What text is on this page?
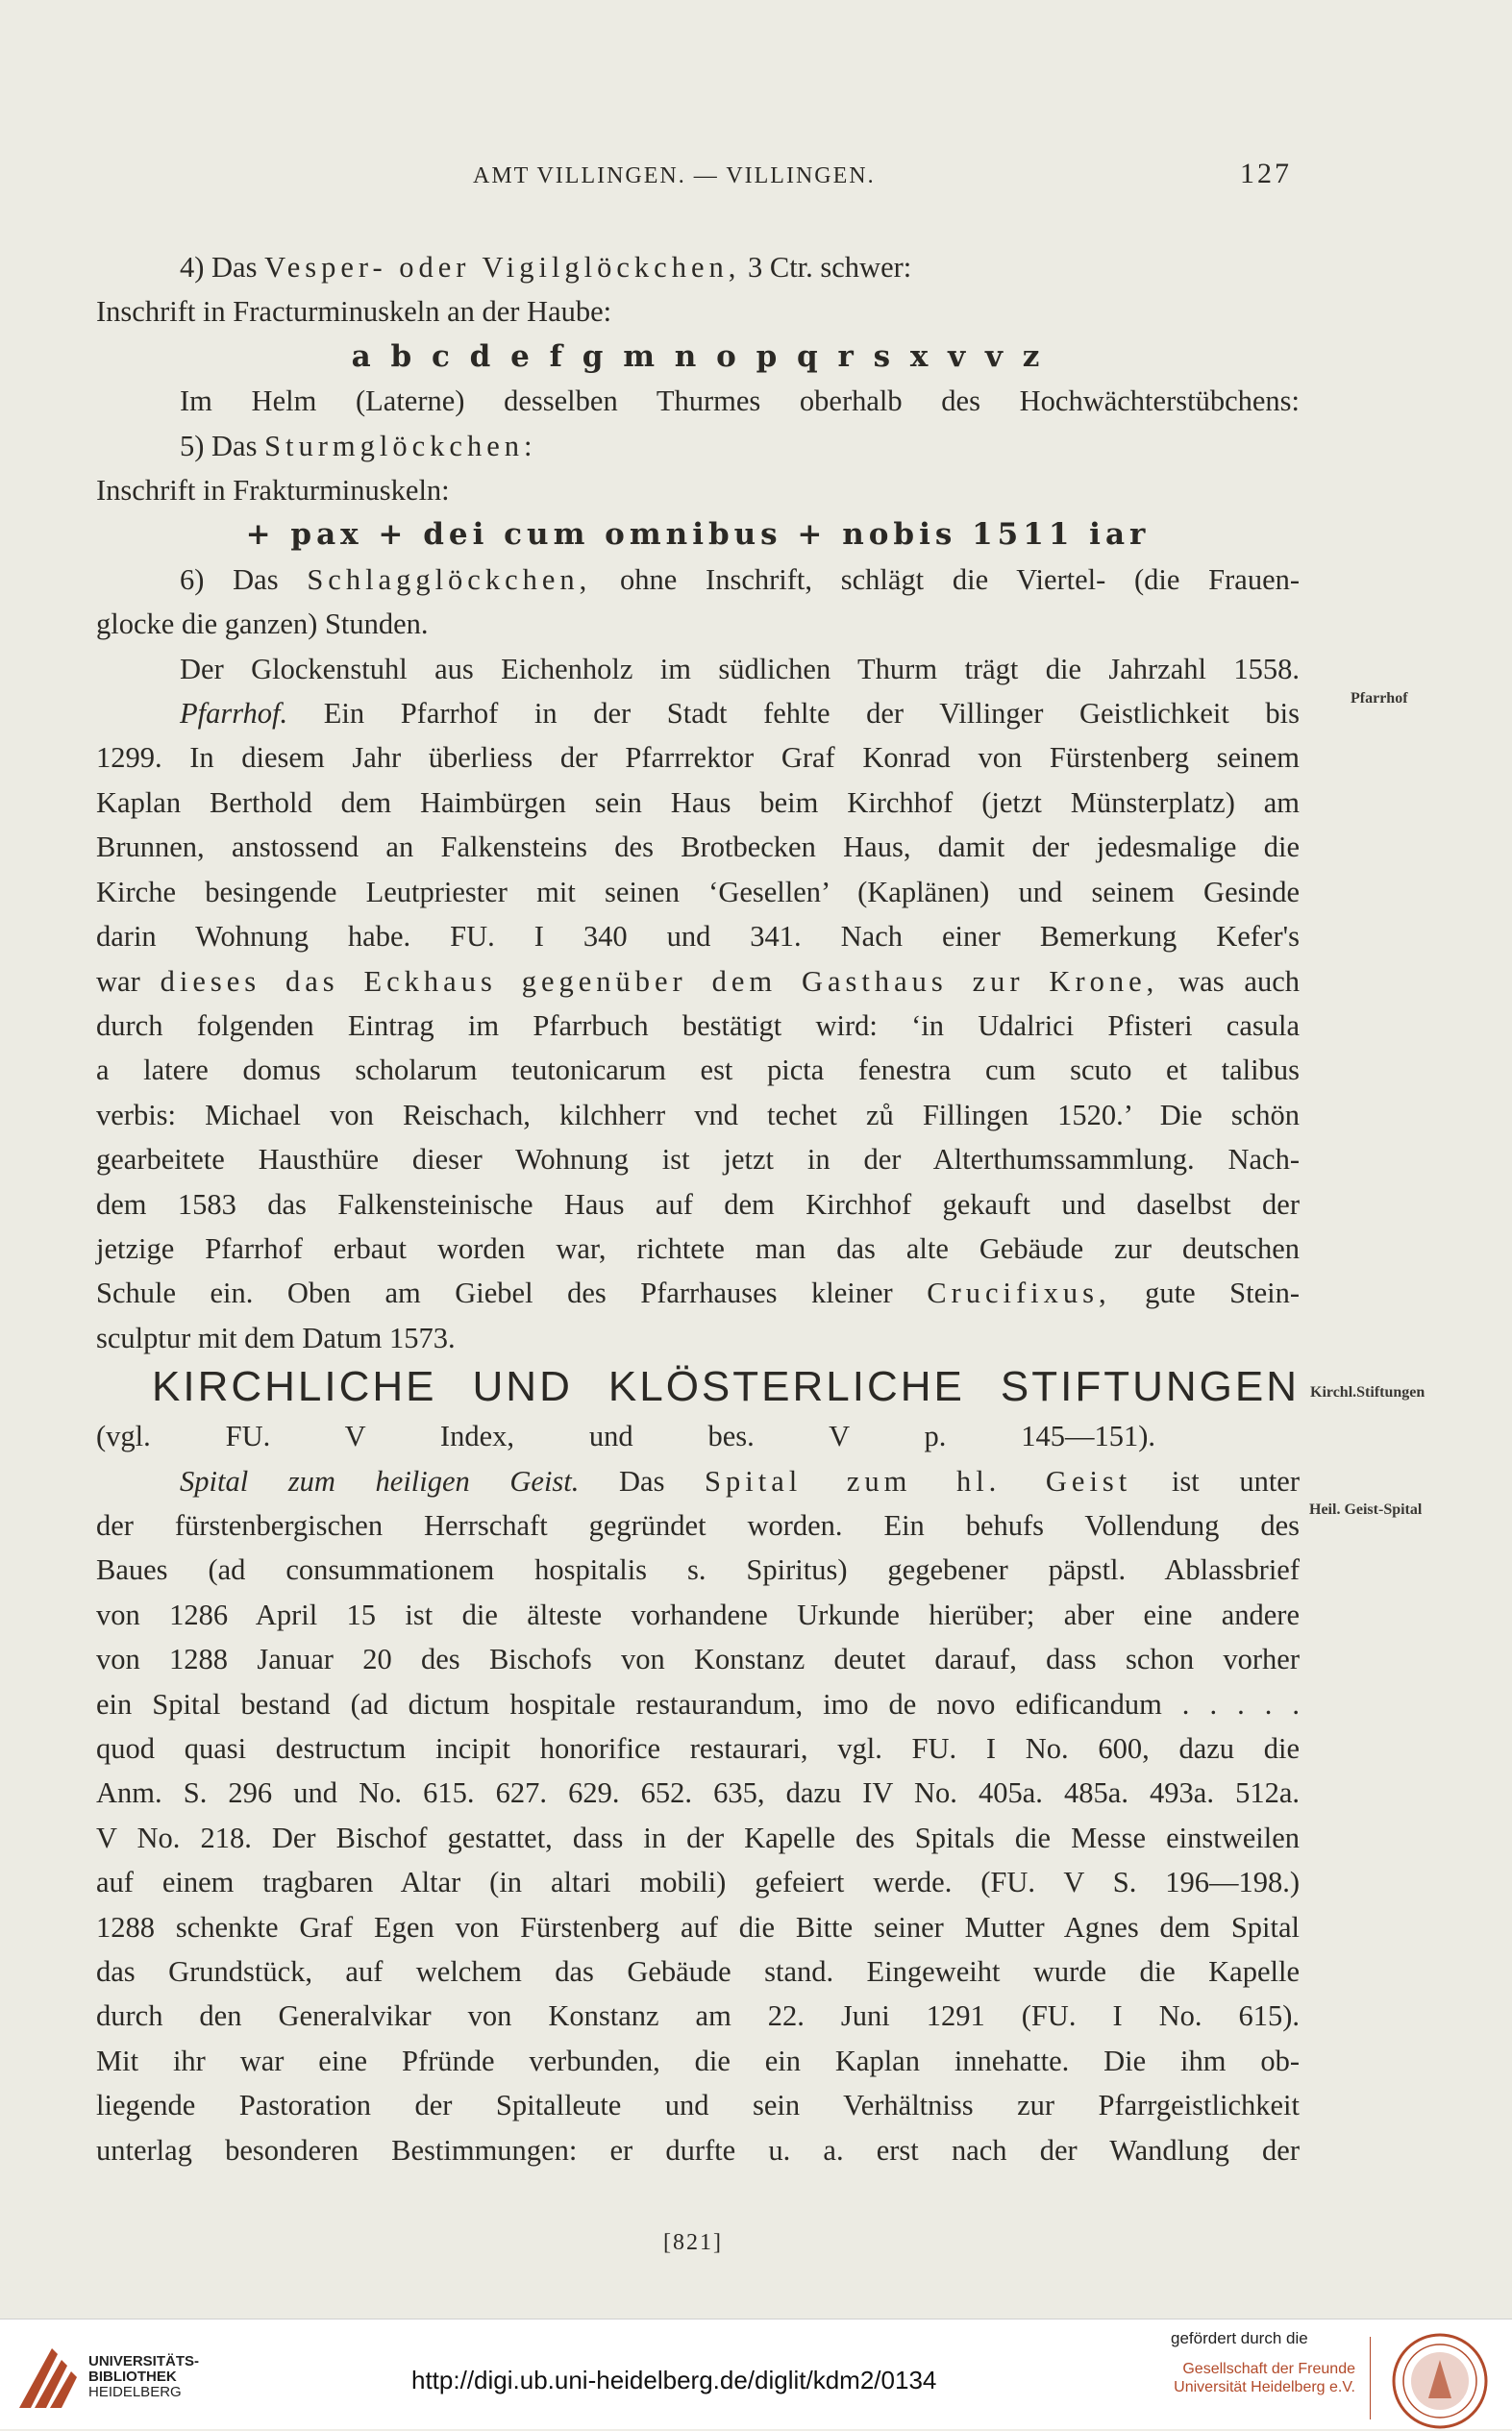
AMT VILLINGEN. — VILLINGEN.	127

4) Das Vesper- oder Vigilglöckchen, 3 Ctr. schwer:

Inschrift in Fracturminuskeln an der Haube:

a b c d e f g m n o p q r s x v v z

Im Helm (Laterne) desselben Thurmes oberhalb des Hochwächterstübchens:

5) Das Sturmglöckchen:

Inschrift in Frakturminuskeln:

+ pax + dei cum omnibus + nobis 1511 iar

6) Das Schlagglöckchen, ohne Inschrift, schlägt die Viertel- (die Frauen-

glocke die ganzen) Stunden.

Der Glockenstuhl aus Eichenholz im südlichen Thurm trägt die Jahrzahl 1558.

Pfarrhof. Ein Pfarrhof in der Stadt fehlte der Villinger Geistlichkeit bis

1299. In diesem Jahr überliess der Pfarrrektor Graf Konrad von Fürstenberg seinem

Kaplan Berthold dem Haimbürgen sein Haus beim Kirchhof (jetzt Münsterplatz) am

Brunnen, anstossend an Falkensteins des Brotbecken Haus, damit der jedesmalige die

Kirche besingende Leutpriester mit seinen ‘Gesellen’ (Kaplänen) und seinem Gesinde

darin Wohnung habe. FU. I 340 und 341. Nach einer Bemerkung Kefer's

war dieses das Eckhaus gegenüber dem Gasthaus zur Krone, was auch

durch folgenden Eintrag im Pfarrbuch bestätigt wird: ‘in Udalrici Pfisteri casula

a latere domus scholarum teutonicarum est picta fenestra cum scuto et talibus

verbis: Michael von Reischach, kilchherr vnd techet zů Fillingen 1520.’ Die schön

gearbeitete Hausthüre dieser Wohnung ist jetzt in der Alterthumssammlung. Nach-

dem 1583 das Falkensteinische Haus auf dem Kirchhof gekauft und daselbst der

jetzige Pfarrhof erbaut worden war, richtete man das alte Gebäude zur deutschen

Schule ein. Oben am Giebel des Pfarrhauses kleiner Crucifixus, gute Stein-

sculptur mit dem Datum 1573.

KIRCHLICHE UND KLÖSTERLICHE STIFTUNGEN

(vgl. FU. V Index, und bes. V p. 145—151).

Spital zum heiligen Geist. Das Spital zum hl. Geist ist unter

der fürstenbergischen Herrschaft gegründet worden. Ein behufs Vollendung des

Baues (ad consummationem hospitalis s. Spiritus) gegebener päpstl. Ablassbrief

von 1286 April 15 ist die älteste vorhandene Urkunde hierüber; aber eine andere

von 1288 Januar 20 des Bischofs von Konstanz deutet darauf, dass schon vorher

ein Spital bestand (ad dictum hospitale restaurandum, imo de novo edificandum . . . . .

quod quasi destructum incipit honorifice restaurari, vgl. FU. I No. 600, dazu die

Anm. S. 296 und No. 615. 627. 629. 652. 635, dazu IV No. 405a. 485a. 493a. 512a.

V No. 218. Der Bischof gestattet, dass in der Kapelle des Spitals die Messe einstweilen

auf einem tragbaren Altar (in altari mobili) gefeiert werde. (FU. V S. 196—198.)

1288 schenkte Graf Egen von Fürstenberg auf die Bitte seiner Mutter Agnes dem Spital

das Grundstück, auf welchem das Gebäude stand. Eingeweiht wurde die Kapelle

durch den Generalvikar von Konstanz am 22. Juni 1291 (FU. I No. 615).

Mit ihr war eine Pfründe verbunden, die ein Kaplan innehatte. Die ihm ob-

liegende Pastoration der Spitalleute und sein Verhältniss zur Pfarrgeistlichkeit

unterlag besonderen Bestimmungen: er durfte u. a. erst nach der Wandlung der

Pfarrhof
Kirchl.Stiftungen
Heil. Geist-Spital
[821]
UNIVERSITÄTS-
BIBLIOTHEK
HEIDELBERG	http://digi.ub.uni-heidelberg.de/diglit/kdm2/0134
gefördert durch die
Gesellschaft der Freunde
Universität Heidelberg e.V.
